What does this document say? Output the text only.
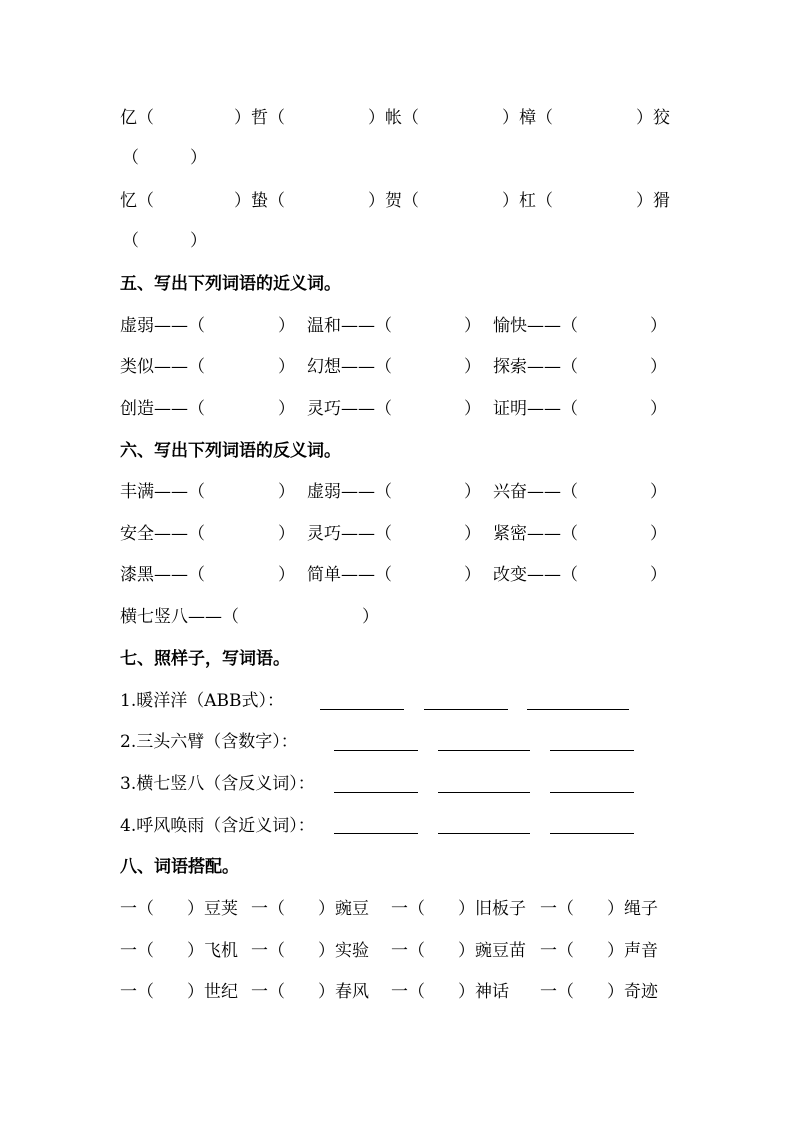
亿（	）哲（	）帐（	）樟（	）狡
（　　　）
忆（	）蛰（	）贺（	）杠（	）猾
（　　　）
五、写出下列词语的近义词。
虚弱——（	） 温和——（	） 愉快——（	）
类似——（	） 幻想——（	） 探索——（	）
创造——（	） 灵巧——（	） 证明——（	）
六、写出下列词语的反义词。
丰满——（	） 虚弱——（	） 兴奋——（	）
安全——（	） 灵巧——（	） 紧密——（	）
漆黑——（	） 简单——（	） 改变——（	）
横七竖八——（	）
七、照样子，写词语。
1.暖洋洋（ABB式）：
2.三头六臂（含数字）：
3.横七竖八（含反义词）：
4.呼风唤雨（含近义词）：
八、词语搭配。
一（ ）豆荚 一（ ）豌豆 一（ ）旧板子 一（ ）绳子
一（ ）飞机 一（ ）实验 一（ ）豌豆苗 一（ ）声音
一（ ）世纪 一（ ）春风 一（ ）神话 一（ ）奇迹
